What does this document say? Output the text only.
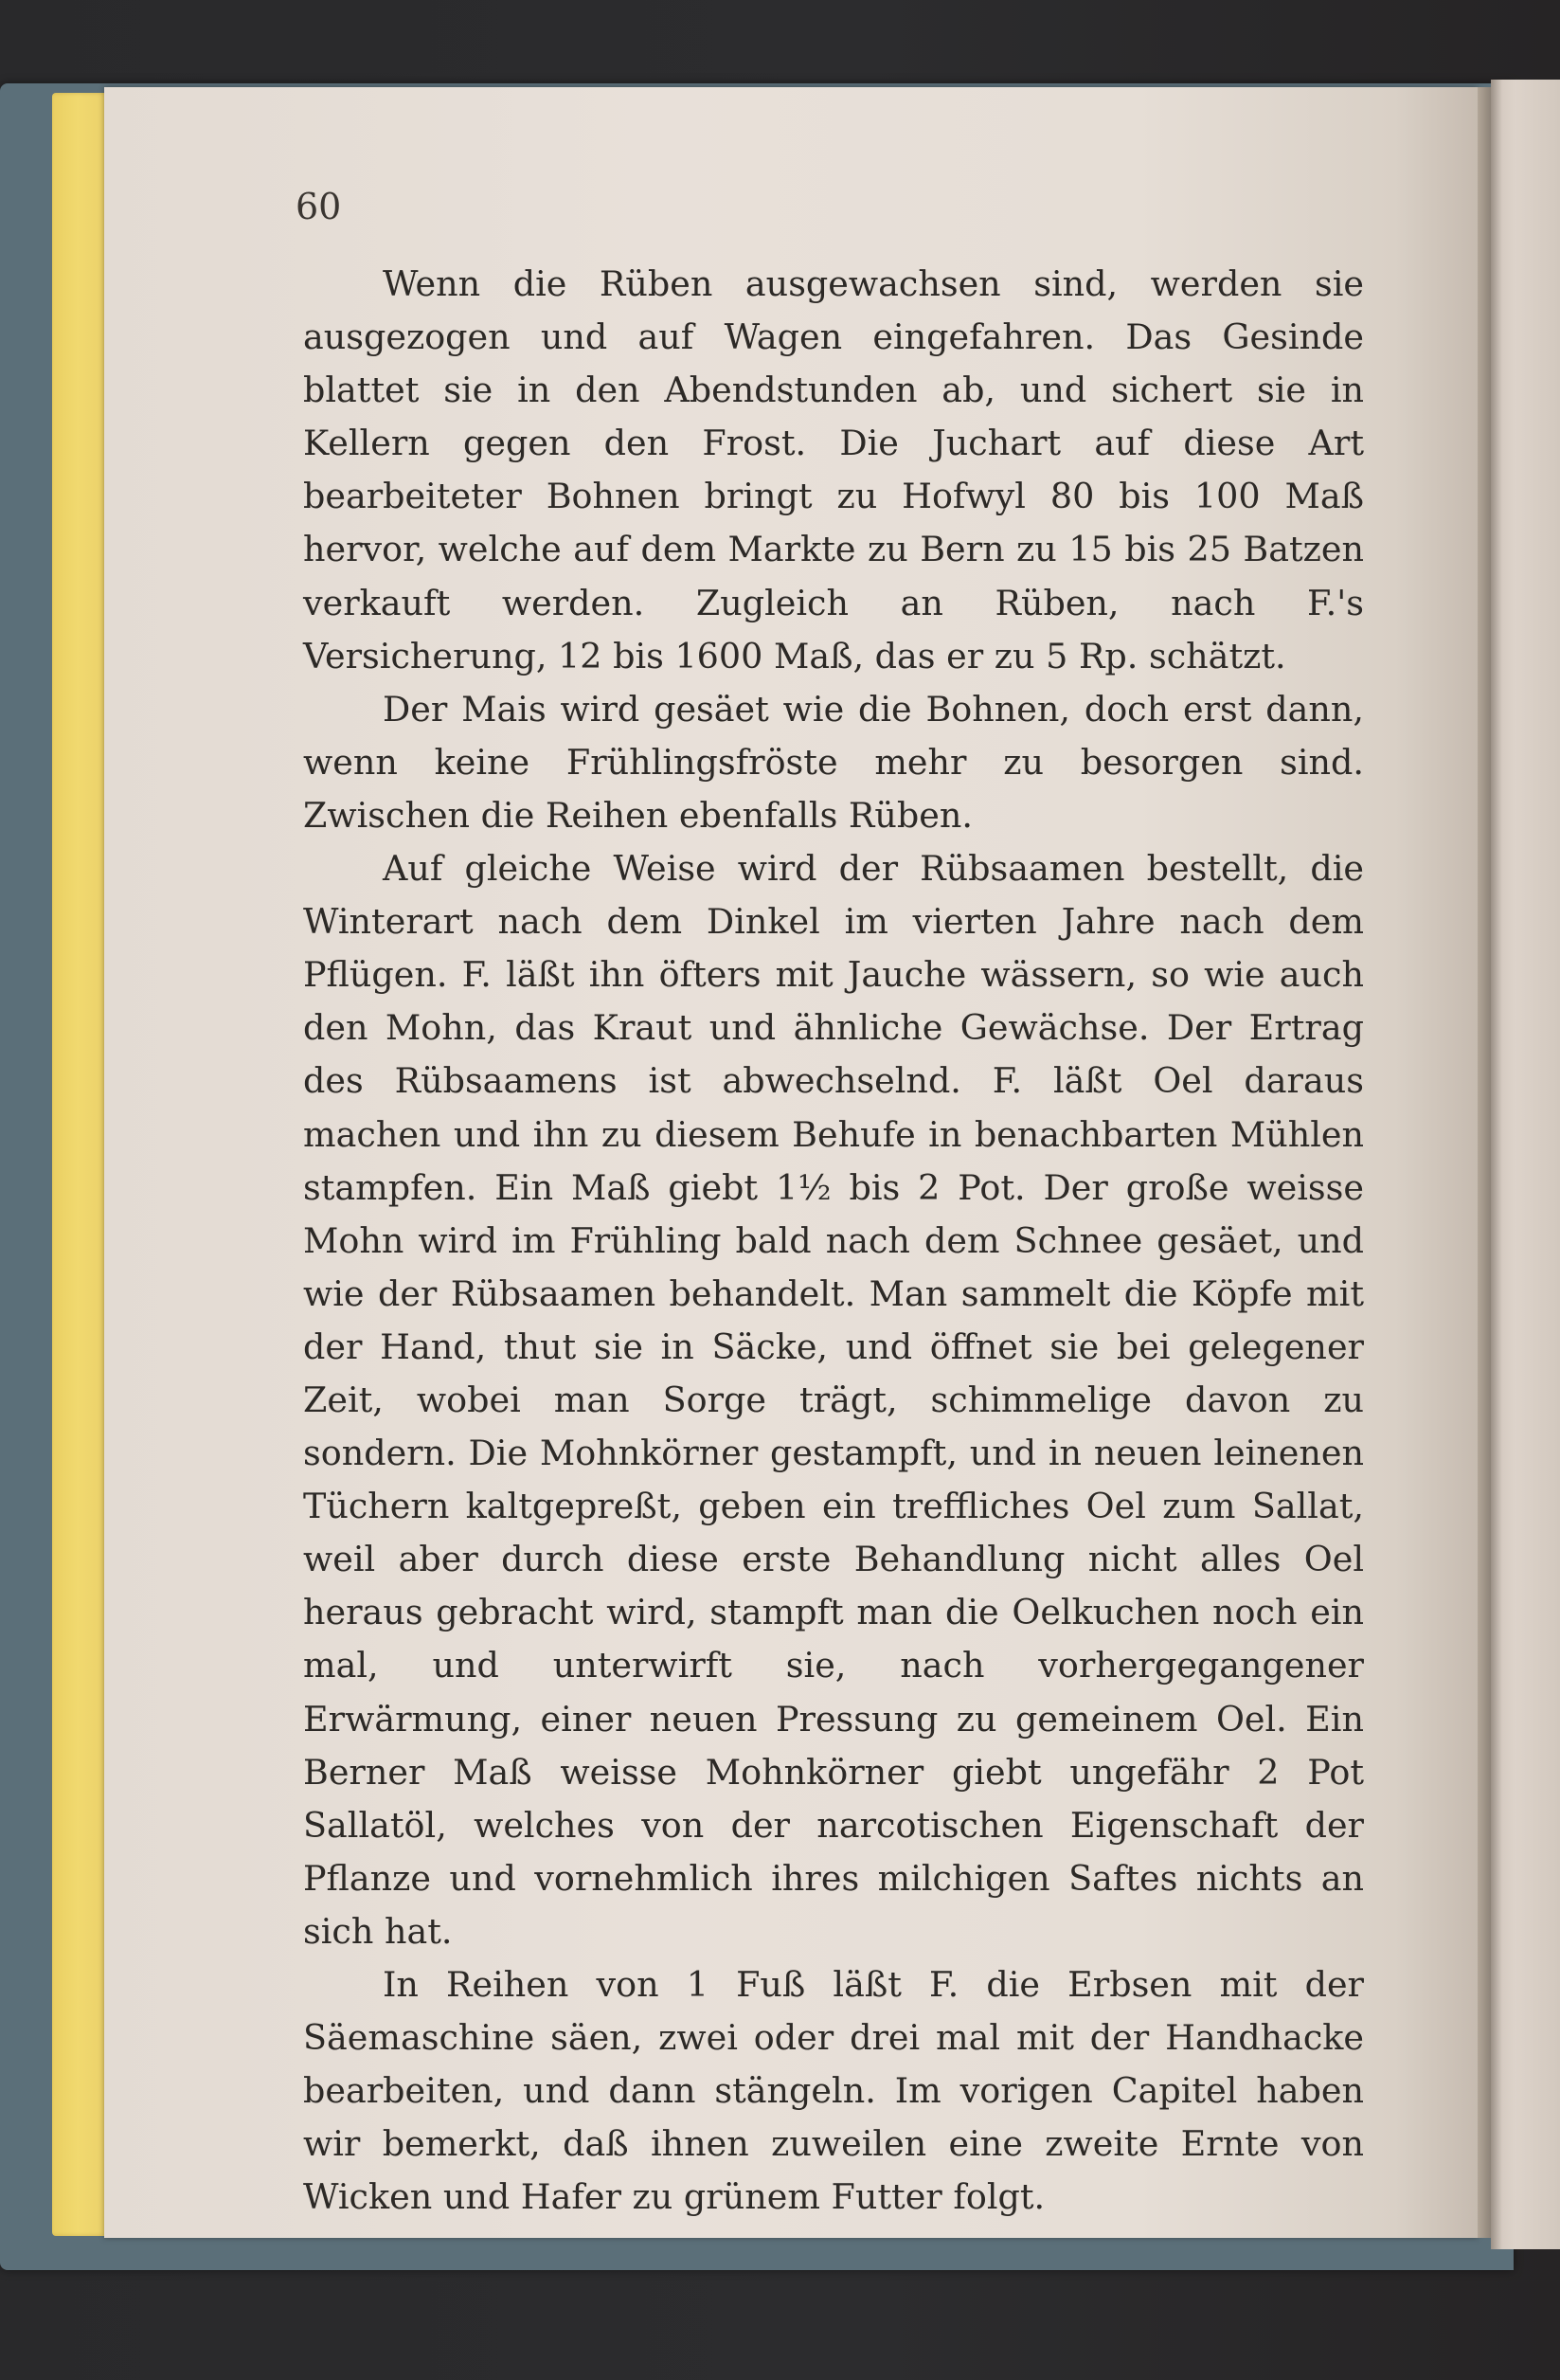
60

Wenn die Rüben ausgewachsen sind, werden sie ausgezogen und auf Wagen eingefahren. Das Gesinde blattet sie in den Abendstunden ab, und sichert sie in Kellern gegen den Frost. Die Juchart auf diese Art bearbeiteter Bohnen bringt zu Hofwyl 80 bis 100 Maß hervor, welche auf dem Markte zu Bern zu 15 bis 25 Batzen verkauft werden. Zugleich an Rüben, nach F.'s Versicherung, 12 bis 1600 Maß, das er zu 5 Rp. schätzt.

Der Mais wird gesäet wie die Bohnen, doch erst dann, wenn keine Frühlingsfröste mehr zu besorgen sind. Zwischen die Reihen ebenfalls Rüben.

Auf gleiche Weise wird der Rübsaamen bestellt, die Winterart nach dem Dinkel im vierten Jahre nach dem Pflügen. F. läßt ihn öfters mit Jauche wässern, so wie auch den Mohn, das Kraut und ähnliche Gewächse. Der Ertrag des Rübsaamens ist abwechselnd. F. läßt Oel daraus machen und ihn zu diesem Behufe in benachbarten Mühlen stampfen. Ein Maß giebt 1½ bis 2 Pot. Der große weisse Mohn wird im Frühling bald nach dem Schnee gesäet, und wie der Rübsaamen behandelt. Man sammelt die Köpfe mit der Hand, thut sie in Säcke, und öffnet sie bei gelegener Zeit, wobei man Sorge trägt, schimmelige davon zu sondern. Die Mohnkörner gestampft, und in neuen leinenen Tüchern kaltgepreßt, geben ein treffliches Oel zum Sallat, weil aber durch diese erste Behandlung nicht alles Oel heraus gebracht wird, stampft man die Oelkuchen noch ein mal, und unterwirft sie, nach vorhergegangener Erwärmung, einer neuen Pressung zu gemeinem Oel. Ein Berner Maß weisse Mohnkörner giebt ungefähr 2 Pot Sallatöl, welches von der narcotischen Eigenschaft der Pflanze und vornehmlich ihres milchigen Saftes nichts an sich hat.

In Reihen von 1 Fuß läßt F. die Erbsen mit der Säemaschine säen, zwei oder drei mal mit der Handhacke bearbeiten, und dann stängeln. Im vorigen Capitel haben wir bemerkt, daß ihnen zuweilen eine zweite Ernte von Wicken und Hafer zu grünem Futter folgt.
